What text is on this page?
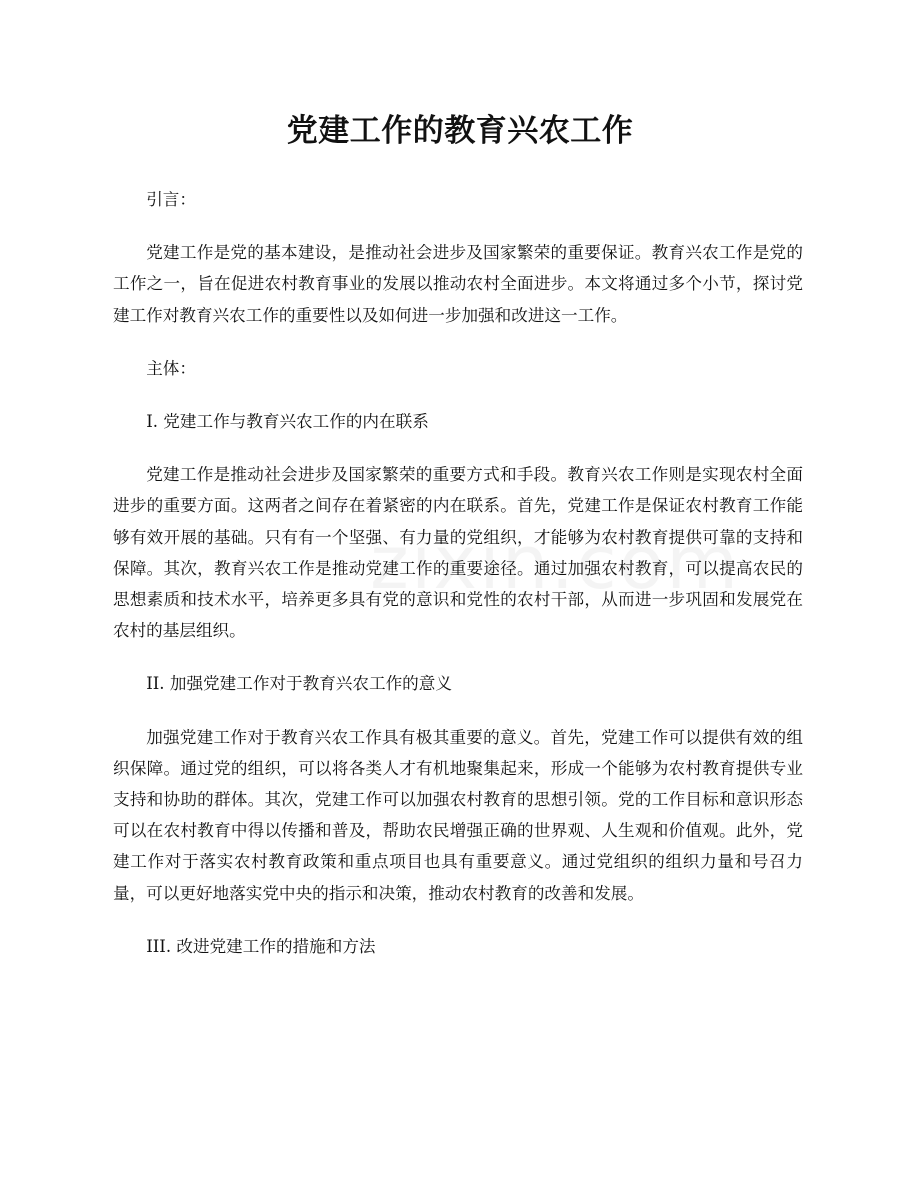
党建工作的教育兴农工作

引言：

党建工作是党的基本建设，是推动社会进步及国家繁荣的重要保证。教育兴农工作是党的工作之一，旨在促进农村教育事业的发展以推动农村全面进步。本文将通过多个小节，探讨党建工作对教育兴农工作的重要性以及如何进一步加强和改进这一工作。

主体：

I. 党建工作与教育兴农工作的内在联系

党建工作是推动社会进步及国家繁荣的重要方式和手段。教育兴农工作则是实现农村全面进步的重要方面。这两者之间存在着紧密的内在联系。首先，党建工作是保证农村教育工作能够有效开展的基础。只有有一个坚强、有力量的党组织，才能够为农村教育提供可靠的支持和保障。其次，教育兴农工作是推动党建工作的重要途径。通过加强农村教育，可以提高农民的思想素质和技术水平，培养更多具有党的意识和党性的农村干部，从而进一步巩固和发展党在农村的基层组织。

II. 加强党建工作对于教育兴农工作的意义

加强党建工作对于教育兴农工作具有极其重要的意义。首先，党建工作可以提供有效的组织保障。通过党的组织，可以将各类人才有机地聚集起来，形成一个能够为农村教育提供专业支持和协助的群体。其次，党建工作可以加强农村教育的思想引领。党的工作目标和意识形态可以在农村教育中得以传播和普及，帮助农民增强正确的世界观、人生观和价值观。此外，党建工作对于落实农村教育政策和重点项目也具有重要意义。通过党组织的组织力量和号召力量，可以更好地落实党中央的指示和决策，推动农村教育的改善和发展。

III. 改进党建工作的措施和方法
